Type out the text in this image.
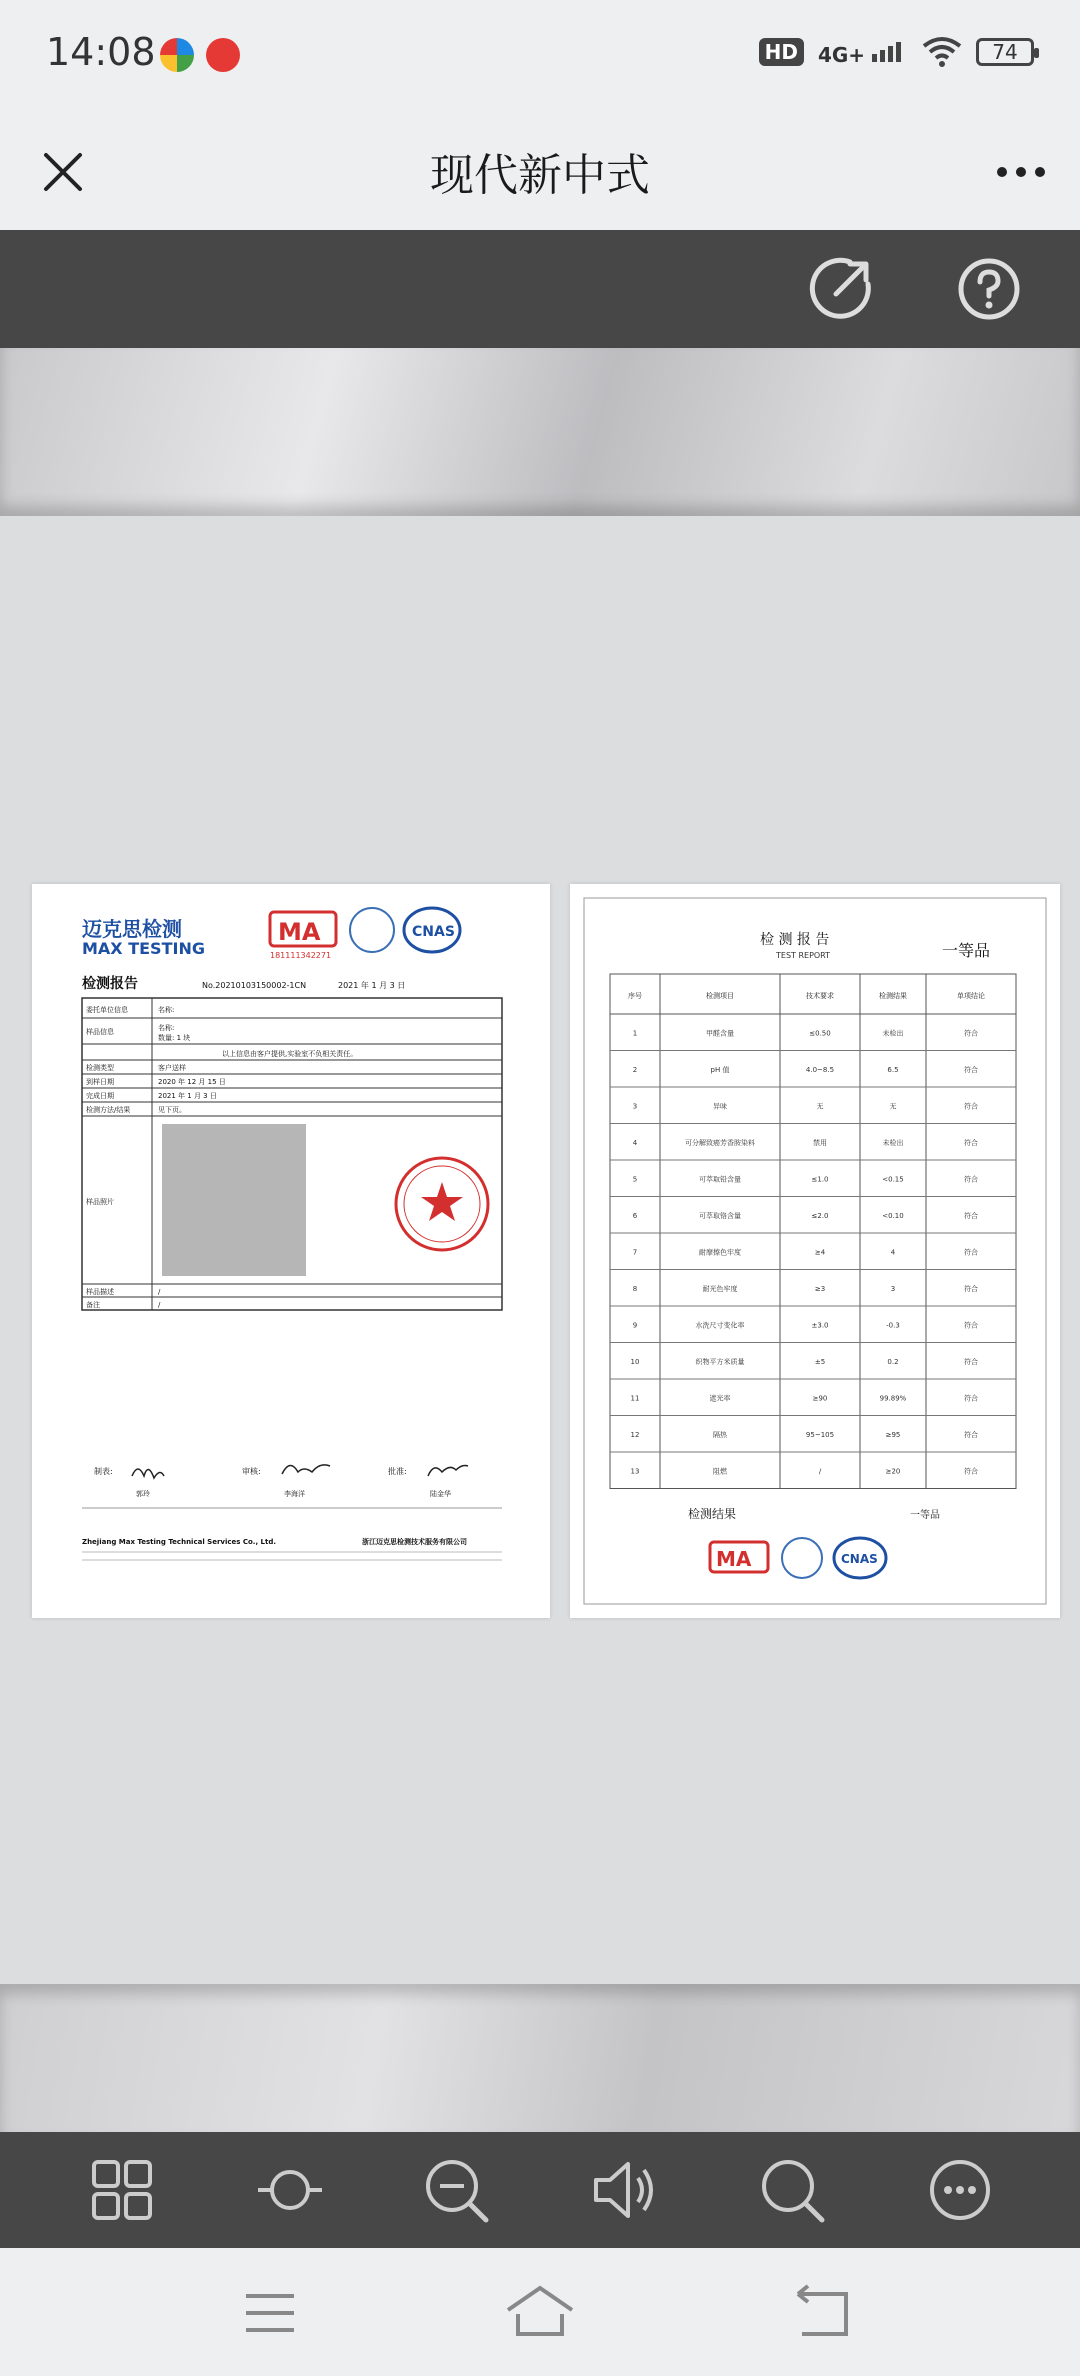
14:08	HD	4G+	74
现代新中式
迈克思检测
MAX TESTING
MA
181111342271
CNAS
检测报告	No.20210103150002-1CN	2021 年 1 月 3 日
委托单位信息	名称:
样品信息	名称:
数量: 1 块
以上信息由客户提供,实验室不负相关责任。
检测类型	客户送样
到样日期	2020 年 12 月 15 日
完成日期	2021 年 1 月 3 日
检测方法/结果	见下页。
样品照片
样品描述	/
备注	/
制表:	审核:	批准:
郭玲	李海洋	陆金华
Zhejiang Max Testing Technical Services Co., Ltd.	浙江迈克思检测技术服务有限公司
检 测 报 告
TEST REPORT	一等品
序号	检测项目	技术要求	检测结果	单项结论
1	甲醛含量	≤0.50	未检出	符合
2	pH 值	4.0~8.5	6.5	符合
3	异味	无	无	符合
4	可分解致癌芳香胺染料	禁用	未检出	符合
5	可萃取铅含量	≤1.0	<0.15	符合
6	可萃取铬含量	≤2.0	<0.10	符合
7	耐摩擦色牢度	≥4	4	符合
8	耐光色牢度	≥3	3	符合
9	水洗尺寸变化率	±3.0	-0.3	符合
10	织物平方米质量	±5	0.2	符合
11	遮光率	≥90	99.89%	符合
12	隔热	95~105	≥95	符合
13	阻燃	/	≥20	符合
检测结果	一等品
MA	CNAS
